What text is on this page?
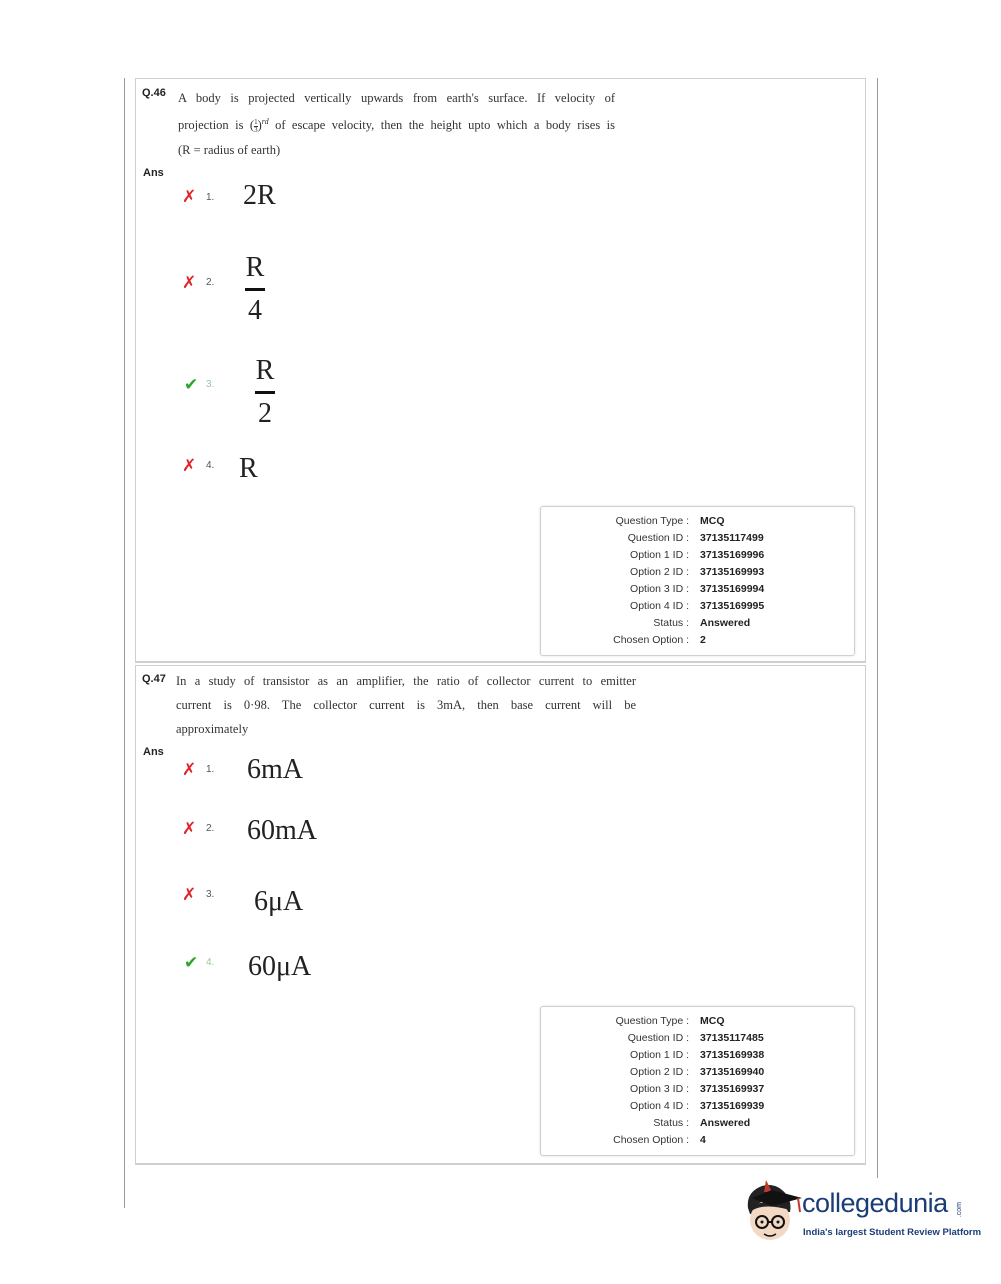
Q.46 A body is projected vertically upwards from earth's surface. If velocity of
projection is ( $\frac{1}{3} )^{rd}$ of escape velocity, then the height upto which a body rises is
(R = radius of earth)
Ans
✗ 1. 2R
✗ 2. R
4
✔ 3. R
2
✗ 4. R
Question Type : MCQ
Question ID : 37135117499
Option 1 ID : 37135169996
Option 2 ID : 37135169993
Option 3 ID : 37135169994
Option 4 ID : 37135169995
Status : Answered
Chosen Option : 2
Q.47 In a study of transistor as an amplifier, the ratio of collector current to emitter
current is 0·98. The collector current is 3mA, then base current will be
approximately
Ans
✗ 1. 6mA
✗ 2. 60mA
✗ 3. 6μA
✔ 4. 60μA
Question Type : MCQ
Question ID : 37135117485
Option 1 ID : 37135169938
Option 2 ID : 37135169940
Option 3 ID : 37135169937
Option 4 ID : 37135169939
Status : Answered
Chosen Option : 4
collegedunia .com
India's largest Student Review Platform
